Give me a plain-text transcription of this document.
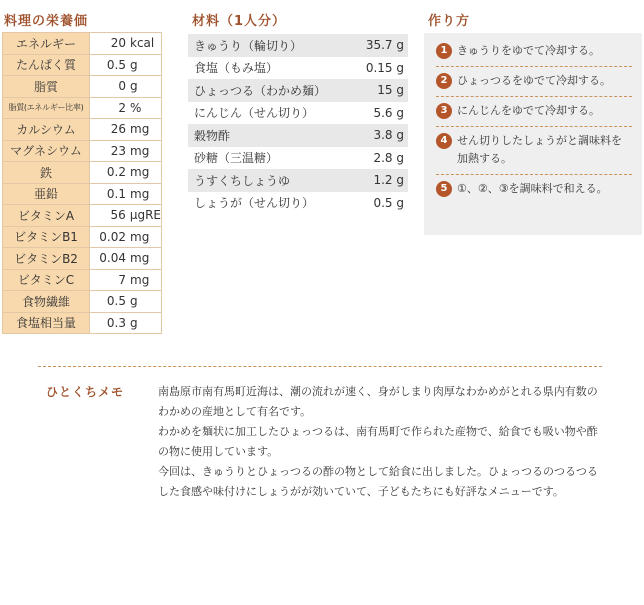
料理の栄養価
エネルギー	20 kcal

たんぱく質	0.5 g

脂質	0 g

脂質(エネルギー比率)	2 %

カルシウム	26 mg

マグネシウム	23 mg

鉄	0.2 mg

亜鉛	0.1 mg

ビタミンA	56 μgRE

ビタミンB1	0.02 mg

ビタミンB2	0.04 mg

ビタミンC	7 mg

食物繊維	0.5 g

食塩相当量	0.3 g
材料（1人分）
きゅうり（輪切り）	35.7 g
食塩（もみ塩）	0.15 g
ひょっつる（わかめ麺）	15 g
にんじん（せん切り）	5.6 g
穀物酢	3.8 g
砂糖（三温糖）	2.8 g
うすくちしょうゆ	1.2 g
しょうが（せん切り）	0.5 g
作り方
1 きゅうりをゆでて冷却する。
2 ひょっつるをゆでて冷却する。
3 にんじんをゆでて冷却する。
4 せん切りしたしょうがと調味料を加熱する。
5 ①、②、③を調味料で和える。
ひとくちメモ	南島原市南有馬町近海は、潮の流れが速く、身がしまり肉厚なわかめがとれる県内有数のわかめの産地として有名です。

わかめを麺状に加工したひょっつるは、南有馬町で作られた産物で、給食でも吸い物や酢の物に使用しています。

今回は、きゅうりとひょっつるの酢の物として給食に出しました。ひょっつるのつるつるした食感や味付けにしょうがが効いていて、子どもたちにも好評なメニューです。
